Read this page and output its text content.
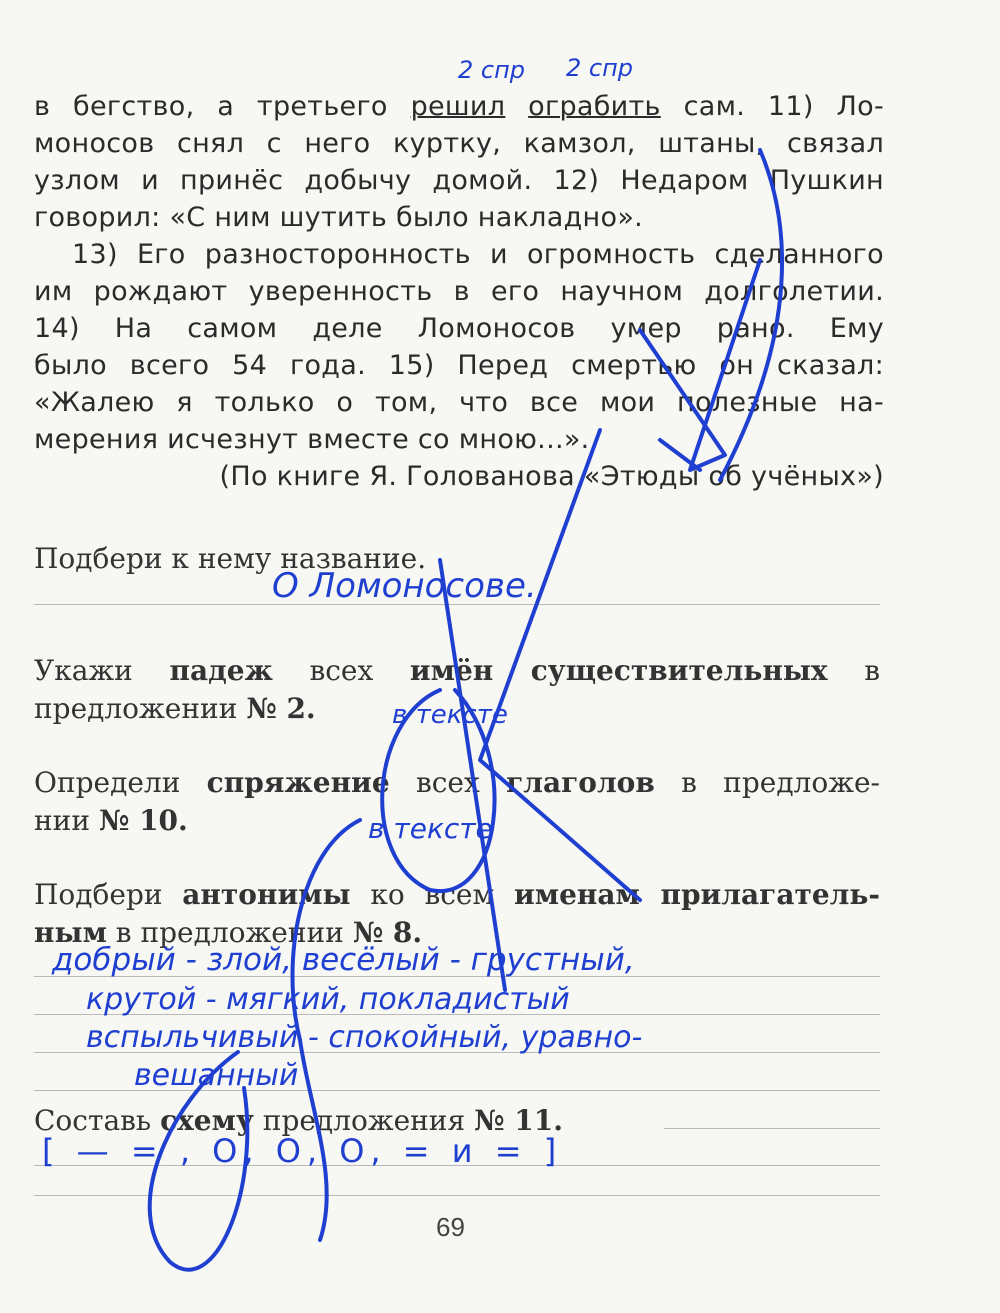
в бегство, а третьего решил ограбить сам. 11) Ло-
моносов снял с него куртку, камзол, штаны, связал
узлом и принёс добычу домой. 12) Недаром Пушкин
говорил: «С ним шутить было накладно».
13) Его разносторонность и огромность сделанного
им рождают уверенность в его научном долголетии.
14) На самом деле Ломоносов умер рано. Ему
было всего 54 года. 15) Перед смертью он сказал:
«Жалею я только о том, что все мои полезные на-
мерения исчезнут вместе со мною...».
(По книге Я. Голованова «Этюды об учёных»)
Подбери к нему название.
Укажи падеж всех имён существительных в
предложении № 2.
Определи спряжение всех глаголов в предложе-
нии № 10.
Подбери антонимы ко всем именам прилагатель-
ным в предложении № 8.
Составь схему предложения № 11.
2 спр 2 спр
О Ломоносове.
в тексте
в тексте
добрый - злой, весёлый - грустный,
крутой - мягкий, покладистый
вспыльчивый - спокойный, уравно-
вешанный
[ — = , O, O, O, = и = ]
69
